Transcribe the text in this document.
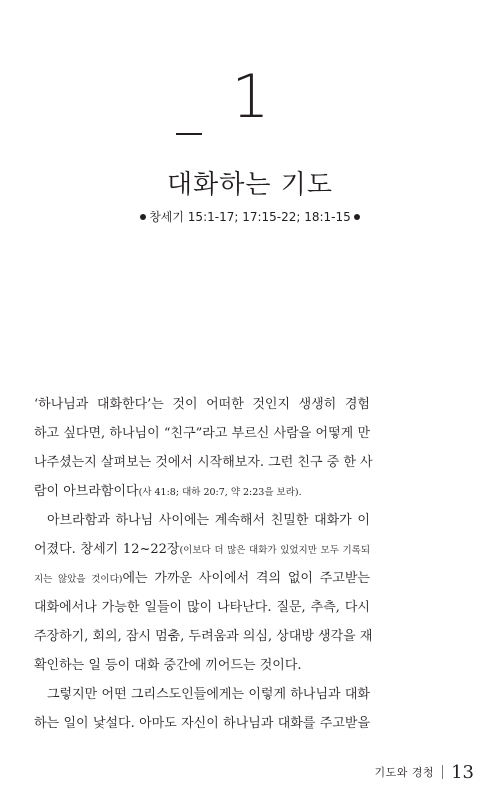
1
대화하는 기도
창세기 15:1-17; 17:15-22; 18:1-15
‘하나님과 대화한다’는 것이 어떠한 것인지 생생히 경험
하고 싶다면, 하나님이 “친구”라고 부르신 사람을 어떻게 만
나주셨는지 살펴보는 것에서 시작해보자. 그런 친구 중 한 사
람이 아브라함이다(사 41:8; 대하 20:7, 약 2:23을 보라).
아브라함과 하나님 사이에는 계속해서 친밀한 대화가 이
어졌다. 창세기 12~22장(이보다 더 많은 대화가 있었지만 모두 기록되
지는 않았을 것이다)에는 가까운 사이에서 격의 없이 주고받는
대화에서나 가능한 일들이 많이 나타난다. 질문, 추측, 다시
주장하기, 회의, 잠시 멈춤, 두려움과 의심, 상대방 생각을 재
확인하는 일 등이 대화 중간에 끼어드는 것이다.
그렇지만 어떤 그리스도인들에게는 이렇게 하나님과 대화
하는 일이 낯설다. 아마도 자신이 하나님과 대화를 주고받을
기도와 경청 13
